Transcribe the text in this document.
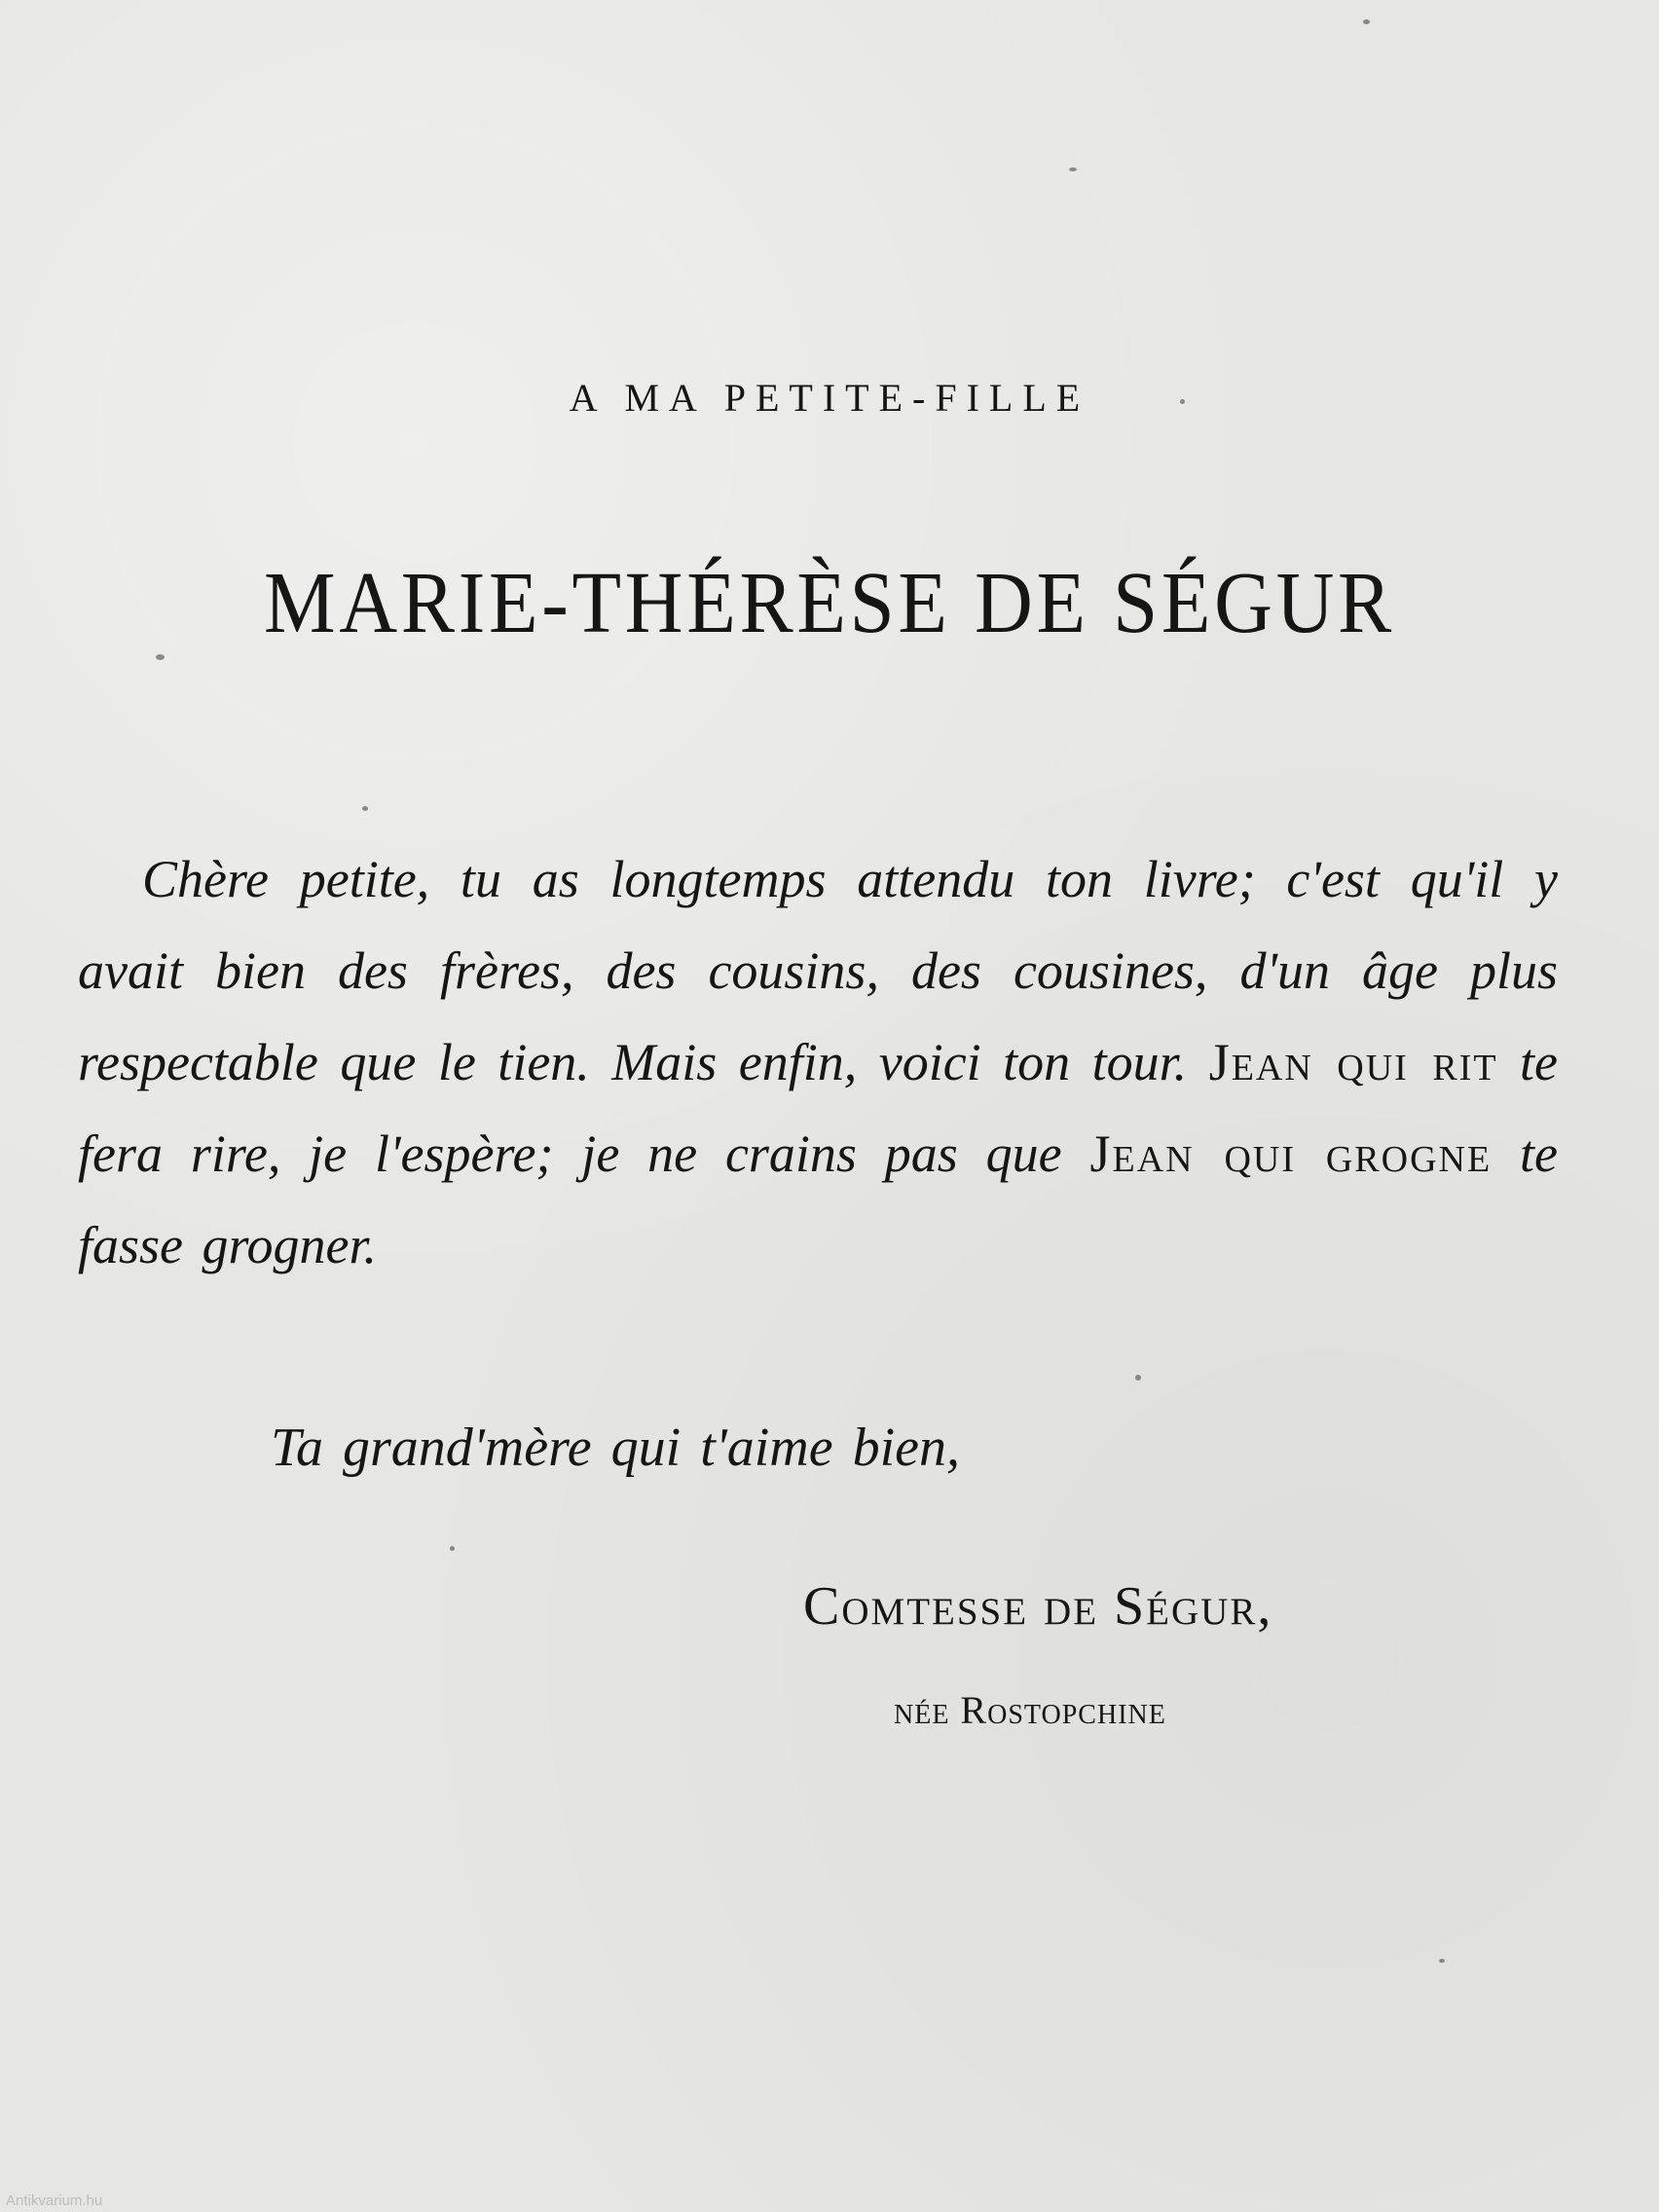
A MA PETITE-FILLE
MARIE-THÉRÈSE DE SÉGUR

Chère petite, tu as longtemps attendu ton livre; c'est qu'il y avait bien des frères, des cousins, des cousines, d'un âge plus respectable que le tien. Mais enfin, voici ton tour. Jean qui rit te fera rire, je l'espère; je ne crains pas que Jean qui grogne te fasse grogner.

Ta grand'mère qui t'aime bien,

Comtesse de Ségur,

née Rostopchine

Antikvarium.hu
